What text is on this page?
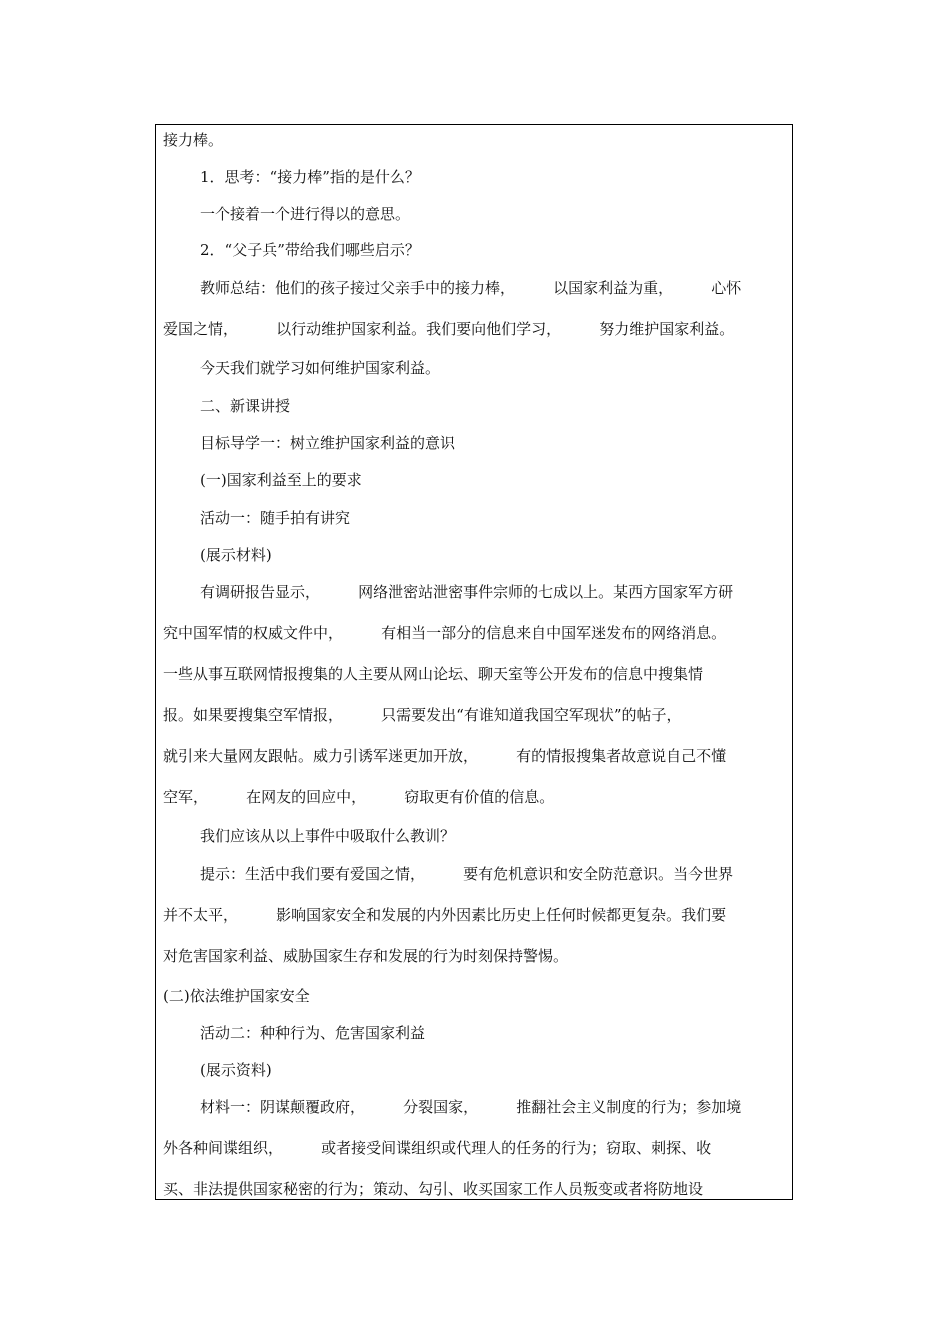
接力棒。
1．思考：“接力棒”指的是什么？
一个接着一个进行得以的意思。
2．“父子兵”带给我们哪些启示？
教师总结：他们的孩子接过父亲手中的接力棒，        以国家利益为重，        心怀
爱国之情，        以行动维护国家利益。我们要向他们学习，        努力维护国家利益。
今天我们就学习如何维护国家利益。
二、新课讲授
目标导学一：树立维护国家利益的意识
(一)国家利益至上的要求
活动一：随手拍有讲究
(展示材料)
有调研报告显示，        网络泄密站泄密事件宗师的七成以上。某西方国家军方研
究中国军情的权威文件中，        有相当一部分的信息来自中国军迷发布的网络消息。
一些从事互联网情报搜集的人主要从网山论坛、聊天室等公开发布的信息中搜集情
报。如果要搜集空军情报，        只需要发出“有谁知道我国空军现状”的帖子，
就引来大量网友跟帖。威力引诱军迷更加开放，        有的情报搜集者故意说自己不懂
空军，        在网友的回应中，        窃取更有价值的信息。
我们应该从以上事件中吸取什么教训？
提示：生活中我们要有爱国之情，        要有危机意识和安全防范意识。当今世界
并不太平，        影响国家安全和发展的内外因素比历史上任何时候都更复杂。我们要
对危害国家利益、威胁国家生存和发展的行为时刻保持警惕。
(二)依法维护国家安全
活动二：种种行为、危害国家利益
(展示资料)
材料一：阴谋颠覆政府，        分裂国家，        推翻社会主义制度的行为；参加境
外各种间谍组织，        或者接受间谍组织或代理人的任务的行为；窃取、刺探、收
买、非法提供国家秘密的行为；策动、勾引、收买国家工作人员叛变或者将防地设
